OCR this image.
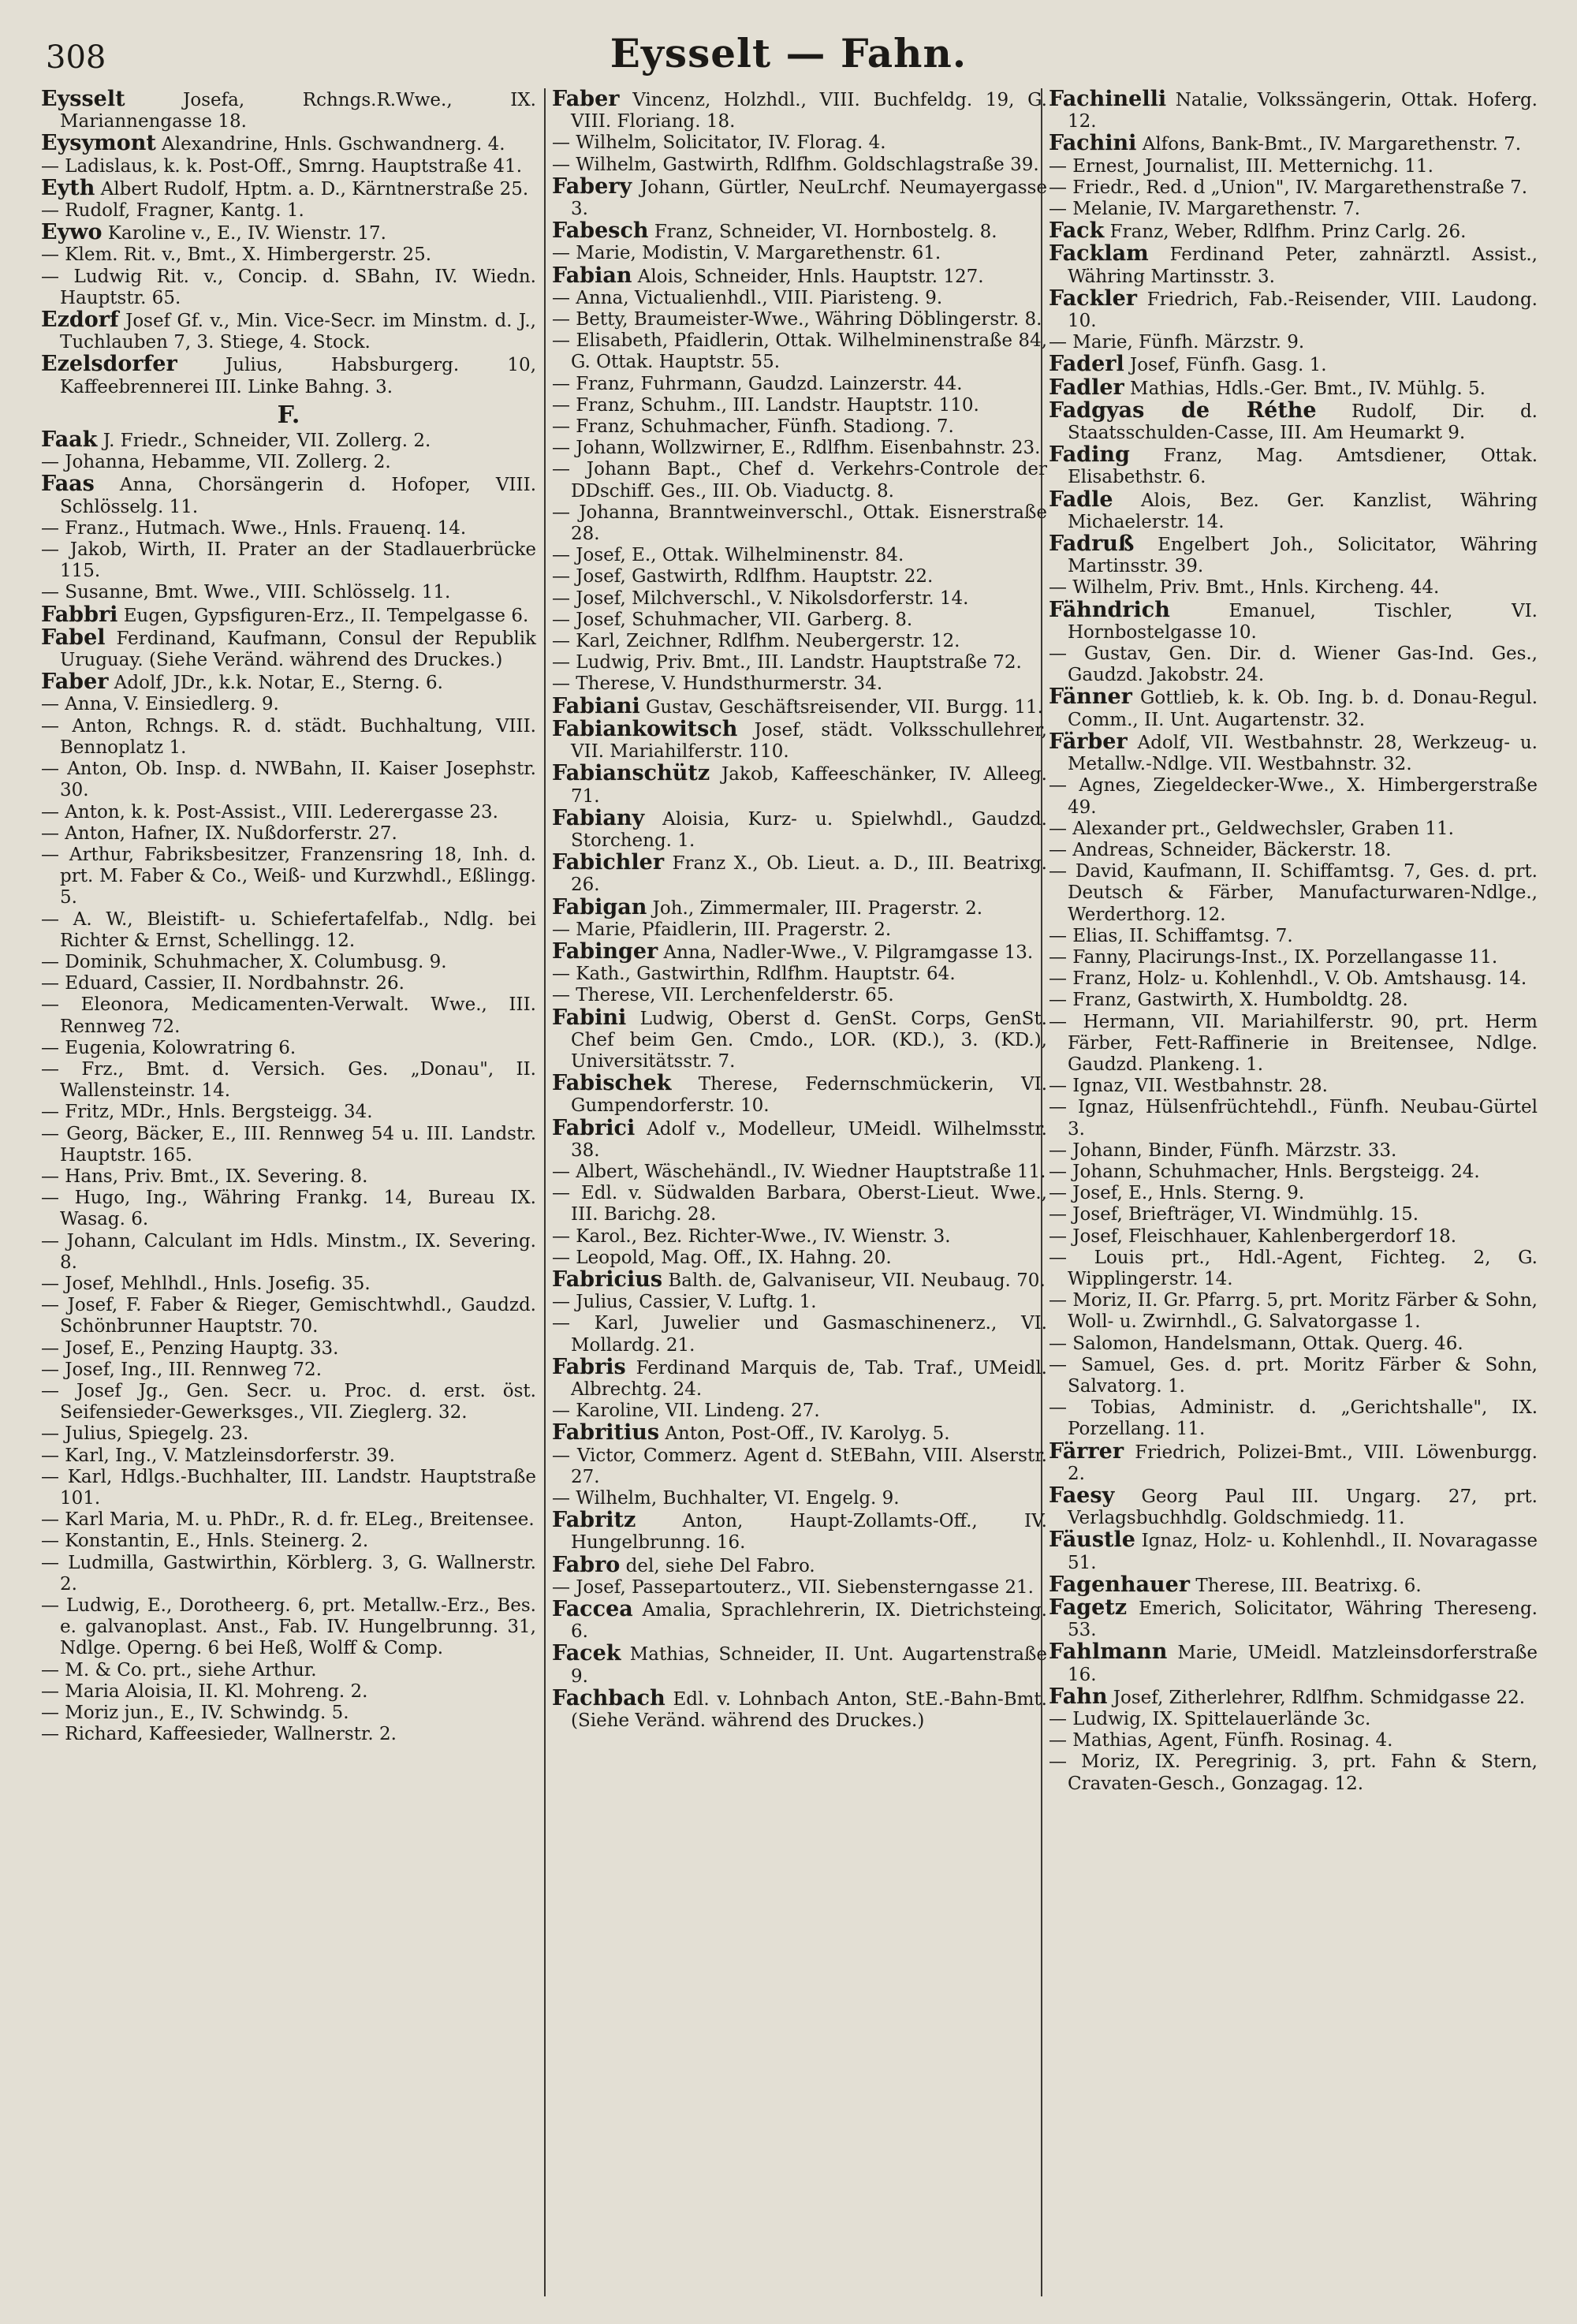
308	Eysselt — Fahn.

Eysselt Josefa, Rchngs.R.Wwe., IX. Mariannengasse 18.

Eysymont Alexandrine, Hnls. Gschwandnerg. 4.

— Ladislaus, k. k. Post-Off., Smrng. Hauptstraße 41.

Eyth Albert Rudolf, Hptm. a. D., Kärntnerstraße 25.

— Rudolf, Fragner, Kantg. 1.

Eywo Karoline v., E., IV. Wienstr. 17.

— Klem. Rit. v., Bmt., X. Himbergerstr. 25.

— Ludwig Rit. v., Concip. d. SBahn, IV. Wiedn. Hauptstr. 65.

Ezdorf Josef Gf. v., Min. Vice-Secr. im Minstm. d. J., Tuchlauben 7, 3. Stiege, 4. Stock.

Ezelsdorfer Julius, Habsburgerg. 10, Kaffeebrennerei III. Linke Bahng. 3.

F.

Faak J. Friedr., Schneider, VII. Zollerg. 2.

— Johanna, Hebamme, VII. Zollerg. 2.

Faas Anna, Chorsängerin d. Hofoper, VIII. Schlösselg. 11.

— Franz., Hutmach. Wwe., Hnls. Frauenq. 14.

— Jakob, Wirth, II. Prater an der Stadlauerbrücke 115.

— Susanne, Bmt. Wwe., VIII. Schlösselg. 11.

Fabbri Eugen, Gypsfiguren-Erz., II. Tempelgasse 6.

Fabel Ferdinand, Kaufmann, Consul der Republik Uruguay. (Siehe Veränd. während des Druckes.)

Faber Adolf, JDr., k.k. Notar, E., Sterng. 6.

— Anna, V. Einsiedlerg. 9.

— Anton, Rchngs. R. d. städt. Buchhaltung, VIII. Bennoplatz 1.

— Anton, Ob. Insp. d. NWBahn, II. Kaiser Josephstr. 30.

— Anton, k. k. Post-Assist., VIII. Lederergasse 23.

— Anton, Hafner, IX. Nußdorferstr. 27.

— Arthur, Fabriksbesitzer, Franzensring 18, Inh. d. prt. M. Faber & Co., Weiß- und Kurzwhdl., Eßlingg. 5.

— A. W., Bleistift- u. Schiefertafelfab., Ndlg. bei Richter & Ernst, Schellingg. 12.

— Dominik, Schuhmacher, X. Columbusg. 9.

— Eduard, Cassier, II. Nordbahnstr. 26.

— Eleonora, Medicamenten-Verwalt. Wwe., III. Rennweg 72.

— Eugenia, Kolowratring 6.

— Frz., Bmt. d. Versich. Ges. „Donau", II. Wallensteinstr. 14.

— Fritz, MDr., Hnls. Bergsteigg. 34.

— Georg, Bäcker, E., III. Rennweg 54 u. III. Landstr. Hauptstr. 165.

— Hans, Priv. Bmt., IX. Severing. 8.

— Hugo, Ing., Währing Frankg. 14, Bureau IX. Wasag. 6.

— Johann, Calculant im Hdls. Minstm., IX. Severing. 8.

— Josef, Mehlhdl., Hnls. Josefig. 35.

— Josef, F. Faber & Rieger, Gemischtwhdl., Gaudzd. Schönbrunner Hauptstr. 70.

— Josef, E., Penzing Hauptg. 33.

— Josef, Ing., III. Rennweg 72.

— Josef Jg., Gen. Secr. u. Proc. d. erst. öst. Seifensieder-Gewerksges., VII. Zieglerg. 32.

— Julius, Spiegelg. 23.

— Karl, Ing., V. Matzleinsdorferstr. 39.

— Karl, Hdlgs.-Buchhalter, III. Landstr. Hauptstraße 101.

— Karl Maria, M. u. PhDr., R. d. fr. ELeg., Breitensee.

— Konstantin, E., Hnls. Steinerg. 2.

— Ludmilla, Gastwirthin, Körblerg. 3, G. Wallnerstr. 2.

— Ludwig, E., Dorotheerg. 6, prt. Metallw.-Erz., Bes. e. galvanoplast. Anst., Fab. IV. Hungelbrunng. 31, Ndlge. Operng. 6 bei Heß, Wolff & Comp.

— M. & Co. prt., siehe Arthur.

— Maria Aloisia, II. Kl. Mohreng. 2.

— Moriz jun., E., IV. Schwindg. 5.

— Richard, Kaffeesieder, Wallnerstr. 2.

Faber Vincenz, Holzhdl., VIII. Buchfeldg. 19, G. VIII. Floriang. 18.

— Wilhelm, Solicitator, IV. Florag. 4.

— Wilhelm, Gastwirth, Rdlfhm. Goldschlagstraße 39.

Fabery Johann, Gürtler, NeuLrchf. Neumayergasse 3.

Fabesch Franz, Schneider, VI. Hornbostelg. 8.

— Marie, Modistin, V. Margarethenstr. 61.

Fabian Alois, Schneider, Hnls. Hauptstr. 127.

— Anna, Victualienhdl., VIII. Piaristeng. 9.

— Betty, Braumeister-Wwe., Währing Döblingerstr. 8.

— Elisabeth, Pfaidlerin, Ottak. Wilhelminenstraße 84, G. Ottak. Hauptstr. 55.

— Franz, Fuhrmann, Gaudzd. Lainzerstr. 44.

— Franz, Schuhm., III. Landstr. Hauptstr. 110.

— Franz, Schuhmacher, Fünfh. Stadiong. 7.

— Johann, Wollzwirner, E., Rdlfhm. Eisenbahnstr. 23.

— Johann Bapt., Chef d. Verkehrs-Controle der DDschiff. Ges., III. Ob. Viaductg. 8.

— Johanna, Branntweinverschl., Ottak. Eisnerstraße 28.

— Josef, E., Ottak. Wilhelminenstr. 84.

— Josef, Gastwirth, Rdlfhm. Hauptstr. 22.

— Josef, Milchverschl., V. Nikolsdorferstr. 14.

— Josef, Schuhmacher, VII. Garberg. 8.

— Karl, Zeichner, Rdlfhm. Neubergerstr. 12.

— Ludwig, Priv. Bmt., III. Landstr. Hauptstraße 72.

— Therese, V. Hundsthurmerstr. 34.

Fabiani Gustav, Geschäftsreisender, VII. Burgg. 11.

Fabiankowitsch Josef, städt. Volksschullehrer, VII. Mariahilferstr. 110.

Fabianschütz Jakob, Kaffeeschänker, IV. Alleeg. 71.

Fabiany Aloisia, Kurz- u. Spielwhdl., Gaudzd. Storcheng. 1.

Fabichler Franz X., Ob. Lieut. a. D., III. Beatrixg. 26.

Fabigan Joh., Zimmermaler, III. Pragerstr. 2.

— Marie, Pfaidlerin, III. Pragerstr. 2.

Fabinger Anna, Nadler-Wwe., V. Pilgramgasse 13.

— Kath., Gastwirthin, Rdlfhm. Hauptstr. 64.

— Therese, VII. Lerchenfelderstr. 65.

Fabini Ludwig, Oberst d. GenSt. Corps, GenSt. Chef beim Gen. Cmdo., LOR. (KD.), 3. (KD.), Universitätsstr. 7.

Fabischek Therese, Federnschmückerin, VI. Gumpendorferstr. 10.

Fabrici Adolf v., Modelleur, UMeidl. Wilhelmsstr. 38.

— Albert, Wäschehändl., IV. Wiedner Hauptstraße 11.

— Edl. v. Südwalden Barbara, Oberst-Lieut. Wwe., III. Barichg. 28.

— Karol., Bez. Richter-Wwe., IV. Wienstr. 3.

— Leopold, Mag. Off., IX. Hahng. 20.

Fabricius Balth. de, Galvaniseur, VII. Neubaug. 70.

— Julius, Cassier, V. Luftg. 1.

— Karl, Juwelier und Gasmaschinenerz., VI. Mollardg. 21.

Fabris Ferdinand Marquis de, Tab. Traf., UMeidl. Albrechtg. 24.

— Karoline, VII. Lindeng. 27.

Fabritius Anton, Post-Off., IV. Karolyg. 5.

— Victor, Commerz. Agent d. StEBahn, VIII. Alserstr. 27.

— Wilhelm, Buchhalter, VI. Engelg. 9.

Fabritz Anton, Haupt-Zollamts-Off., IV. Hungelbrunng. 16.

Fabro del, siehe Del Fabro.

— Josef, Passepartouterz., VII. Siebensterngasse 21.

Faccea Amalia, Sprachlehrerin, IX. Dietrichsteing. 6.

Facek Mathias, Schneider, II. Unt. Augartenstraße 9.

Fachbach Edl. v. Lohnbach Anton, StE.-Bahn-Bmt. (Siehe Veränd. während des Druckes.)

Fachinelli Natalie, Volkssängerin, Ottak. Hoferg. 12.

Fachini Alfons, Bank-Bmt., IV. Margarethenstr. 7.

— Ernest, Journalist, III. Metternichg. 11.

— Friedr., Red. d „Union", IV. Margarethenstraße 7.

— Melanie, IV. Margarethenstr. 7.

Fack Franz, Weber, Rdlfhm. Prinz Carlg. 26.

Facklam Ferdinand Peter, zahnärztl. Assist., Währing Martinsstr. 3.

Fackler Friedrich, Fab.-Reisender, VIII. Laudong. 10.

— Marie, Fünfh. Märzstr. 9.

Faderl Josef, Fünfh. Gasg. 1.

Fadler Mathias, Hdls.-Ger. Bmt., IV. Mühlg. 5.

Fadgyas de Réthe Rudolf, Dir. d. Staatsschulden-Casse, III. Am Heumarkt 9.

Fading Franz, Mag. Amtsdiener, Ottak. Elisabethstr. 6.

Fadle Alois, Bez. Ger. Kanzlist, Währing Michaelerstr. 14.

Fadruß Engelbert Joh., Solicitator, Währing Martinsstr. 39.

— Wilhelm, Priv. Bmt., Hnls. Kircheng. 44.

Fähndrich Emanuel, Tischler, VI. Hornbostelgasse 10.

— Gustav, Gen. Dir. d. Wiener Gas-Ind. Ges., Gaudzd. Jakobstr. 24.

Fänner Gottlieb, k. k. Ob. Ing. b. d. Donau-Regul. Comm., II. Unt. Augartenstr. 32.

Färber Adolf, VII. Westbahnstr. 28, Werkzeug- u. Metallw.-Ndlge. VII. Westbahnstr. 32.

— Agnes, Ziegeldecker-Wwe., X. Himbergerstraße 49.

— Alexander prt., Geldwechsler, Graben 11.

— Andreas, Schneider, Bäckerstr. 18.

— David, Kaufmann, II. Schiffamtsg. 7, Ges. d. prt. Deutsch & Färber, Manufacturwaren-Ndlge., Werderthorg. 12.

— Elias, II. Schiffamtsg. 7.

— Fanny, Placirungs-Inst., IX. Porzellangasse 11.

— Franz, Holz- u. Kohlenhdl., V. Ob. Amtshausg. 14.

— Franz, Gastwirth, X. Humboldtg. 28.

— Hermann, VII. Mariahilferstr. 90, prt. Herm Färber, Fett-Raffinerie in Breitensee, Ndlge. Gaudzd. Plankeng. 1.

— Ignaz, VII. Westbahnstr. 28.

— Ignaz, Hülsenfrüchtehdl., Fünfh. Neubau-Gürtel 3.

— Johann, Binder, Fünfh. Märzstr. 33.

— Johann, Schuhmacher, Hnls. Bergsteigg. 24.

— Josef, E., Hnls. Sterng. 9.

— Josef, Briefträger, VI. Windmühlg. 15.

— Josef, Fleischhauer, Kahlenbergerdorf 18.

— Louis prt., Hdl.-Agent, Fichteg. 2, G. Wipplingerstr. 14.

— Moriz, II. Gr. Pfarrg. 5, prt. Moritz Färber & Sohn, Woll- u. Zwirnhdl., G. Salvatorgasse 1.

— Salomon, Handelsmann, Ottak. Querg. 46.

— Samuel, Ges. d. prt. Moritz Färber & Sohn, Salvatorg. 1.

— Tobias, Administr. d. „Gerichtshalle", IX. Porzellang. 11.

Färrer Friedrich, Polizei-Bmt., VIII. Löwenburgg. 2.

Faesy Georg Paul III. Ungarg. 27, prt. Verlagsbuchhdlg. Goldschmiedg. 11.

Fäustle Ignaz, Holz- u. Kohlenhdl., II. Novaragasse 51.

Fagenhauer Therese, III. Beatrixg. 6.

Fagetz Emerich, Solicitator, Währing Thereseng. 53.

Fahlmann Marie, UMeidl. Matzleinsdorferstraße 16.

Fahn Josef, Zitherlehrer, Rdlfhm. Schmidgasse 22.

— Ludwig, IX. Spittelauerlände 3c.

— Mathias, Agent, Fünfh. Rosinag. 4.

— Moriz, IX. Peregrinig. 3, prt. Fahn & Stern, Cravaten-Gesch., Gonzagag. 12.
